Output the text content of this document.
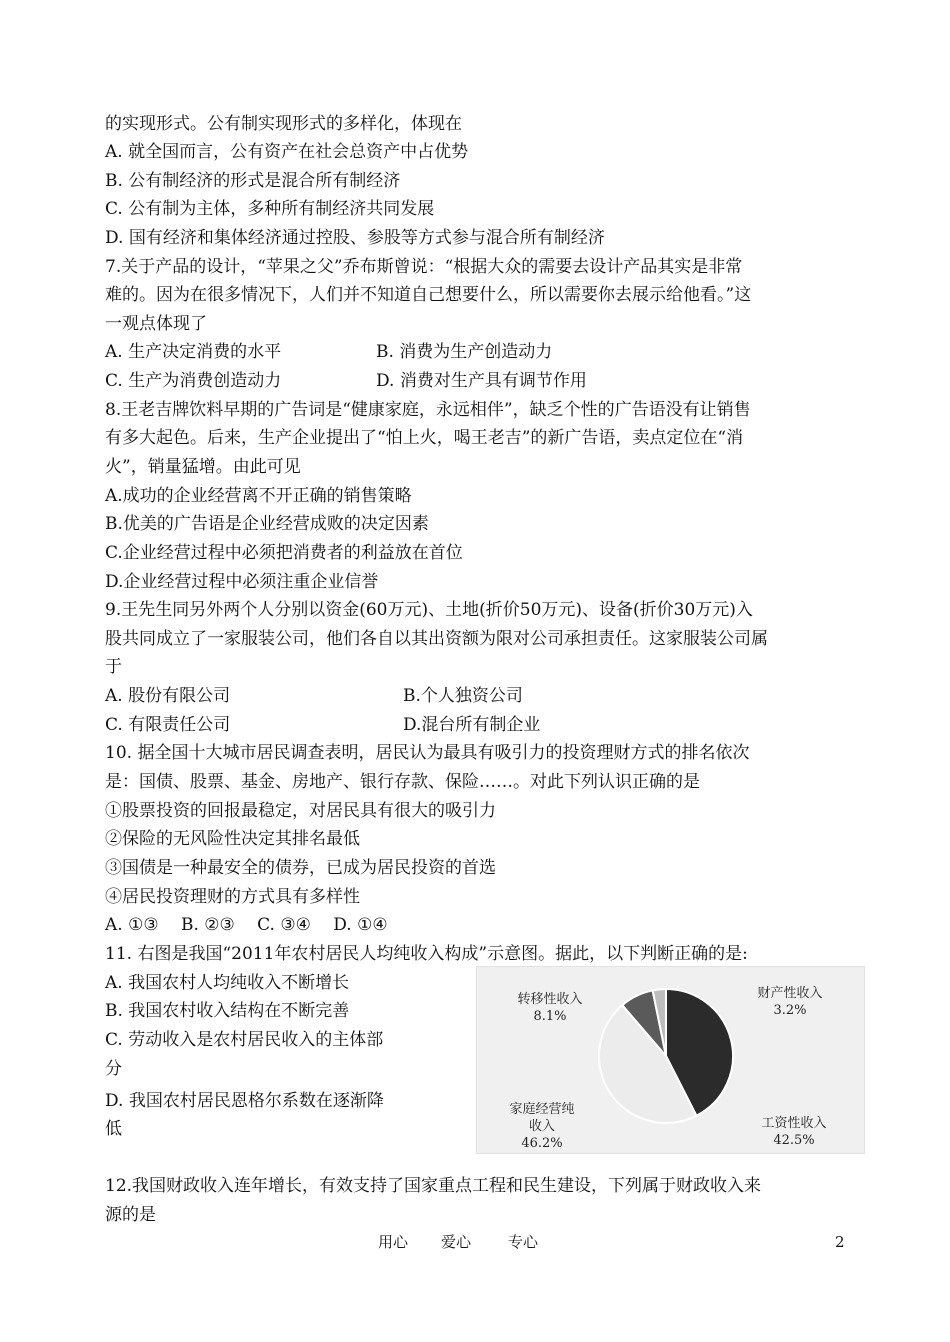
的实现形式。公有制实现形式的多样化，体现在
A. 就全国而言，公有资产在社会总资产中占优势
B. 公有制经济的形式是混合所有制经济
C. 公有制为主体，多种所有制经济共同发展
D. 国有经济和集体经济通过控股、参股等方式参与混合所有制经济
7.关于产品的设计，“苹果之父”乔布斯曾说：“根据大众的需要去设计产品其实是非常
难的。因为在很多情况下，人们并不知道自己想要什么，所以需要你去展示给他看。”这
一观点体现了
A. 生产决定消费的水平	B. 消费为生产创造动力
C. 生产为消费创造动力	D. 消费对生产具有调节作用
8.王老吉牌饮料早期的广告词是“健康家庭，永远相伴”，缺乏个性的广告语没有让销售
有多大起色。后来，生产企业提出了“怕上火，喝王老吉”的新广告语，卖点定位在“消
火”，销量猛增。由此可见
A.成功的企业经营离不开正确的销售策略
B.优美的广告语是企业经营成败的决定因素
C.企业经营过程中必须把消费者的利益放在首位
D.企业经营过程中必须注重企业信誉
9.王先生同另外两个人分别以资金(60万元)、土地(折价50万元)、设备(折价30万元)入
股共同成立了一家服装公司，他们各自以其出资额为限对公司承担责任。这家服装公司属
于
A. 股份有限公司	B.个人独资公司
C. 有限责任公司	D.混台所有制企业
10. 据全国十大城市居民调查表明，居民认为最具有吸引力的投资理财方式的排名依次
是：国债、股票、基金、房地产、银行存款、保险……。对此下列认识正确的是
①股票投资的回报最稳定，对居民具有很大的吸引力
②保险的无风险性决定其排名最低
③国债是一种最安全的债券，已成为居民投资的首选
④居民投资理财的方式具有多样性
A. ①③　 B. ②③　 C. ③④　 D. ①④
11. 右图是我国“2011年农村居民人均纯收入构成”示意图。据此，以下判断正确的是:
A. 我国农村人均纯收入不断增长
B. 我国农村收入结构在不断完善
C. 劳动收入是农村居民收入的主体部
分
D. 我国农村居民恩格尔系数在逐渐降
低
12.我国财政收入连年增长，有效支持了国家重点工程和民生建设，下列属于财政收入来
源的是
转移性收入
8.1%
财产性收入
3.2%
家庭经营纯
收入
46.2%
工资性收入
42.5%
用心 爱心 专心	2
